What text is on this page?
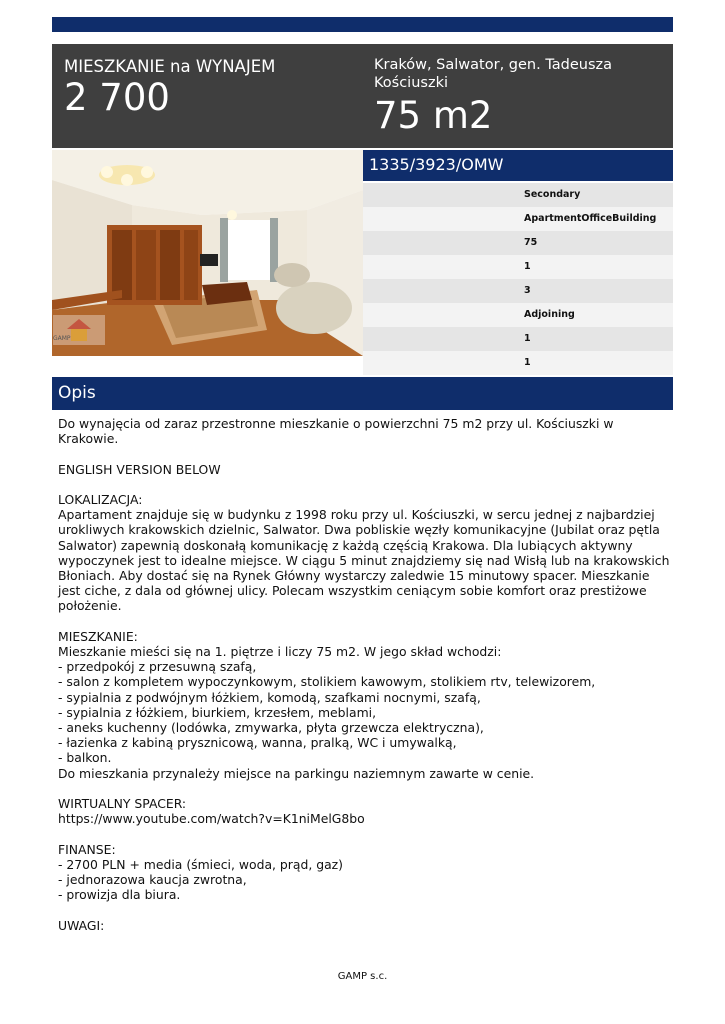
MIESZKANIE na WYNAJEM
2 700
Kraków, Salwator, gen. Tadeusza Kościuszki
75 m2
GAMP
1335/3923/OMW
Secondary
ApartmentOfficeBuilding
75
1
3
Adjoining
1
1
Opis

Do wynajęcia od zaraz przestronne mieszkanie o powierzchni 75 m2 przy ul. Kościuszki w

Krakowie.

ENGLISH VERSION BELOW

LOKALIZACJA:

Apartament znajduje się w budynku z 1998 roku przy ul. Kościuszki, w sercu jednej z najbardziej

urokliwych krakowskich dzielnic, Salwator. Dwa pobliskie węzły komunikacyjne (Jubilat oraz pętla

Salwator) zapewnią doskonałą komunikację z każdą częścią Krakowa. Dla lubiących aktywny

wypoczynek jest to idealne miejsce. W ciągu 5 minut znajdziemy się nad Wisłą lub na krakowskich

Błoniach. Aby dostać się na Rynek Główny wystarczy zaledwie 15 minutowy spacer. Mieszkanie

jest ciche, z dala od głównej ulicy. Polecam wszystkim ceniącym sobie komfort oraz prestiżowe

położenie.

MIESZKANIE:

Mieszkanie mieści się na 1. piętrze i liczy 75 m2. W jego skład wchodzi:

- przedpokój z przesuwną szafą,

- salon z kompletem wypoczynkowym, stolikiem kawowym, stolikiem rtv, telewizorem,

- sypialnia z podwójnym łóżkiem, komodą, szafkami nocnymi, szafą,

- sypialnia z łóżkiem, biurkiem, krzesłem, meblami,

- aneks kuchenny (lodówka, zmywarka, płyta grzewcza elektryczna),

- łazienka z kabiną prysznicową, wanna, pralką, WC i umywalką,

- balkon.

Do mieszkania przynależy miejsce na parkingu naziemnym zawarte w cenie.

WIRTUALNY SPACER:

https://www.youtube.com/watch?v=K1niMelG8bo

FINANSE:

- 2700 PLN + media (śmieci, woda, prąd, gaz)

- jednorazowa kaucja zwrotna,

- prowizja dla biura.

UWAGI:

GAMP s.c.
